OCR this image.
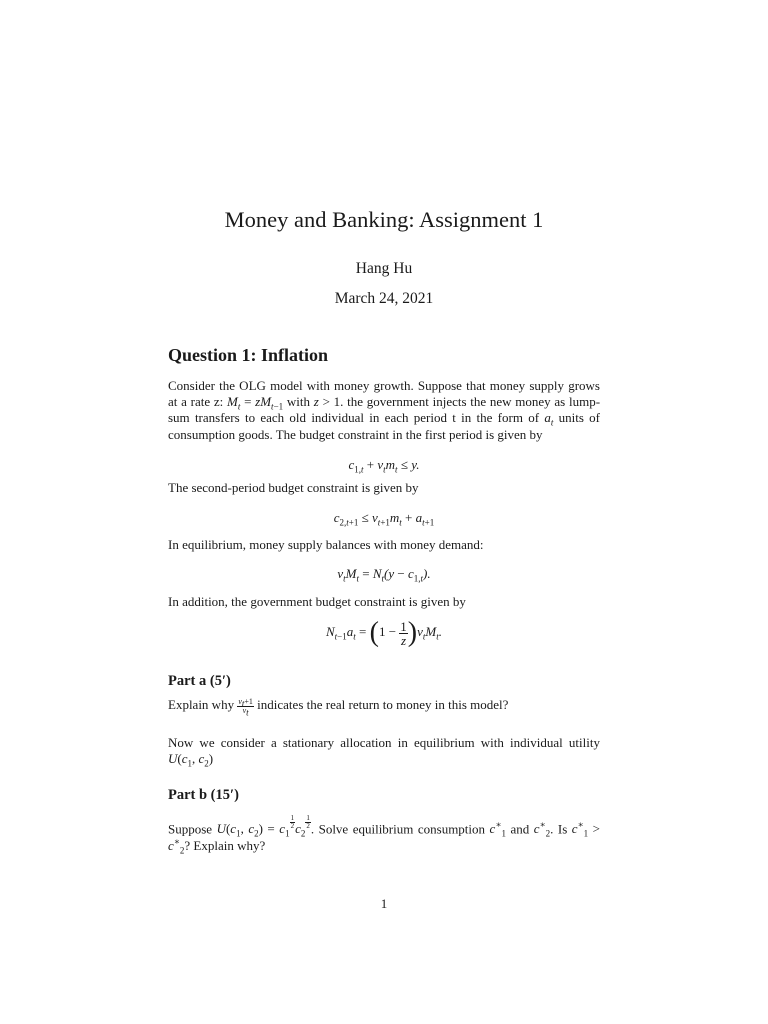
Money and Banking: Assignment 1
Hang Hu
March 24, 2021
Question 1: Inflation
Consider the OLG model with money growth. Suppose that money supply grows at a rate z: $M_t = zM_{t-1}$ with z > 1. the government injects the new money as lump-sum transfers to each old individual in each period t in the form of $a_t$ units of consumption goods. The budget constraint in the first period is given by
$c_{1,t} + v_tm_t \le y$.
The second-period budget constraint is given by
$c_{2,t+1} \le v_{t+1}m_t + a_{t+1}$
In equilibrium, money supply balances with money demand:
$v_tM_t = N_t(y - c_{1,t})$.
In addition, the government budget constraint is given by
$N_{t-1}a_t = (1 - \frac{1}{z} )v_tM_t$.
Part a (5′)
Explain why $\frac{v_t+1}{v_t}$ indicates the real return to money in this model?
Now we consider a stationary allocation in equilibrium with individual utility $U(c_1$, $c_2$)
Part b (15′)
Suppose $U(c_1$, $c_2) = c_1$
$\frac{1}{2} c_2$
$\frac{1}{2}$ . Solve equilibrium consumption $c^∗_1$ and $c^∗_2$. Is $c^∗_1 > c^∗_2$? Explain why?
1
